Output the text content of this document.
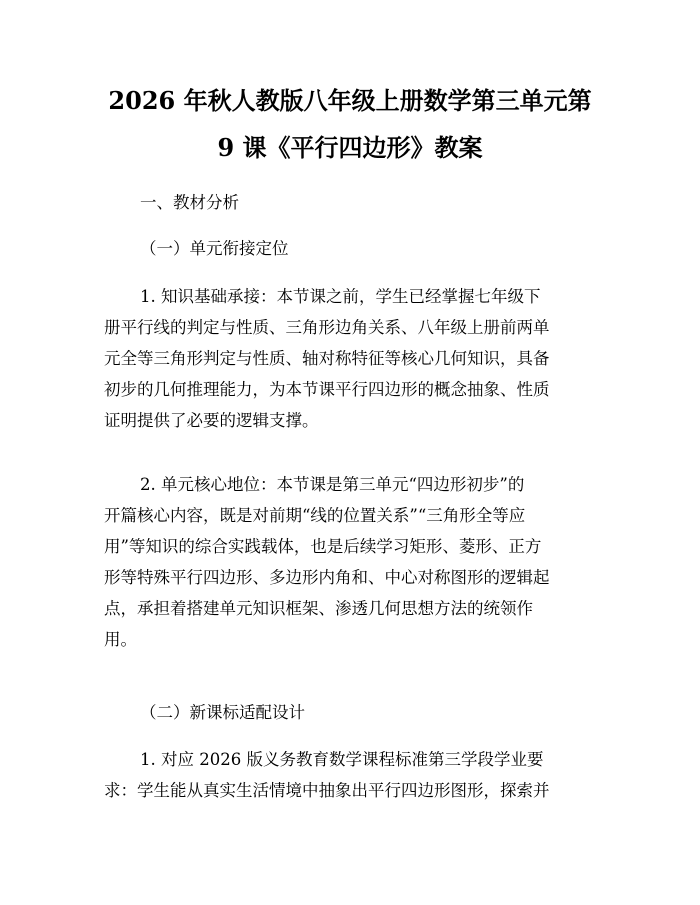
2026 年秋人教版八年级上册数学第三单元第
9 课《平行四边形》教案
一、教材分析
（一）单元衔接定位
1. 知识基础承接：本节课之前，学生已经掌握七年级下
册平行线的判定与性质、三角形边角关系、八年级上册前两单
元全等三角形判定与性质、轴对称特征等核心几何知识，具备
初步的几何推理能力，为本节课平行四边形的概念抽象、性质
证明提供了必要的逻辑支撑。
2. 单元核心地位：本节课是第三单元“四边形初步”的
开篇核心内容，既是对前期“线的位置关系”“三角形全等应
用”等知识的综合实践载体，也是后续学习矩形、菱形、正方
形等特殊平行四边形、多边形内角和、中心对称图形的逻辑起
点，承担着搭建单元知识框架、渗透几何思想方法的统领作
用。
（二）新课标适配设计
1. 对应 2026 版义务教育数学课程标准第三学段学业要
求：学生能从真实生活情境中抽象出平行四边形图形，探索并
